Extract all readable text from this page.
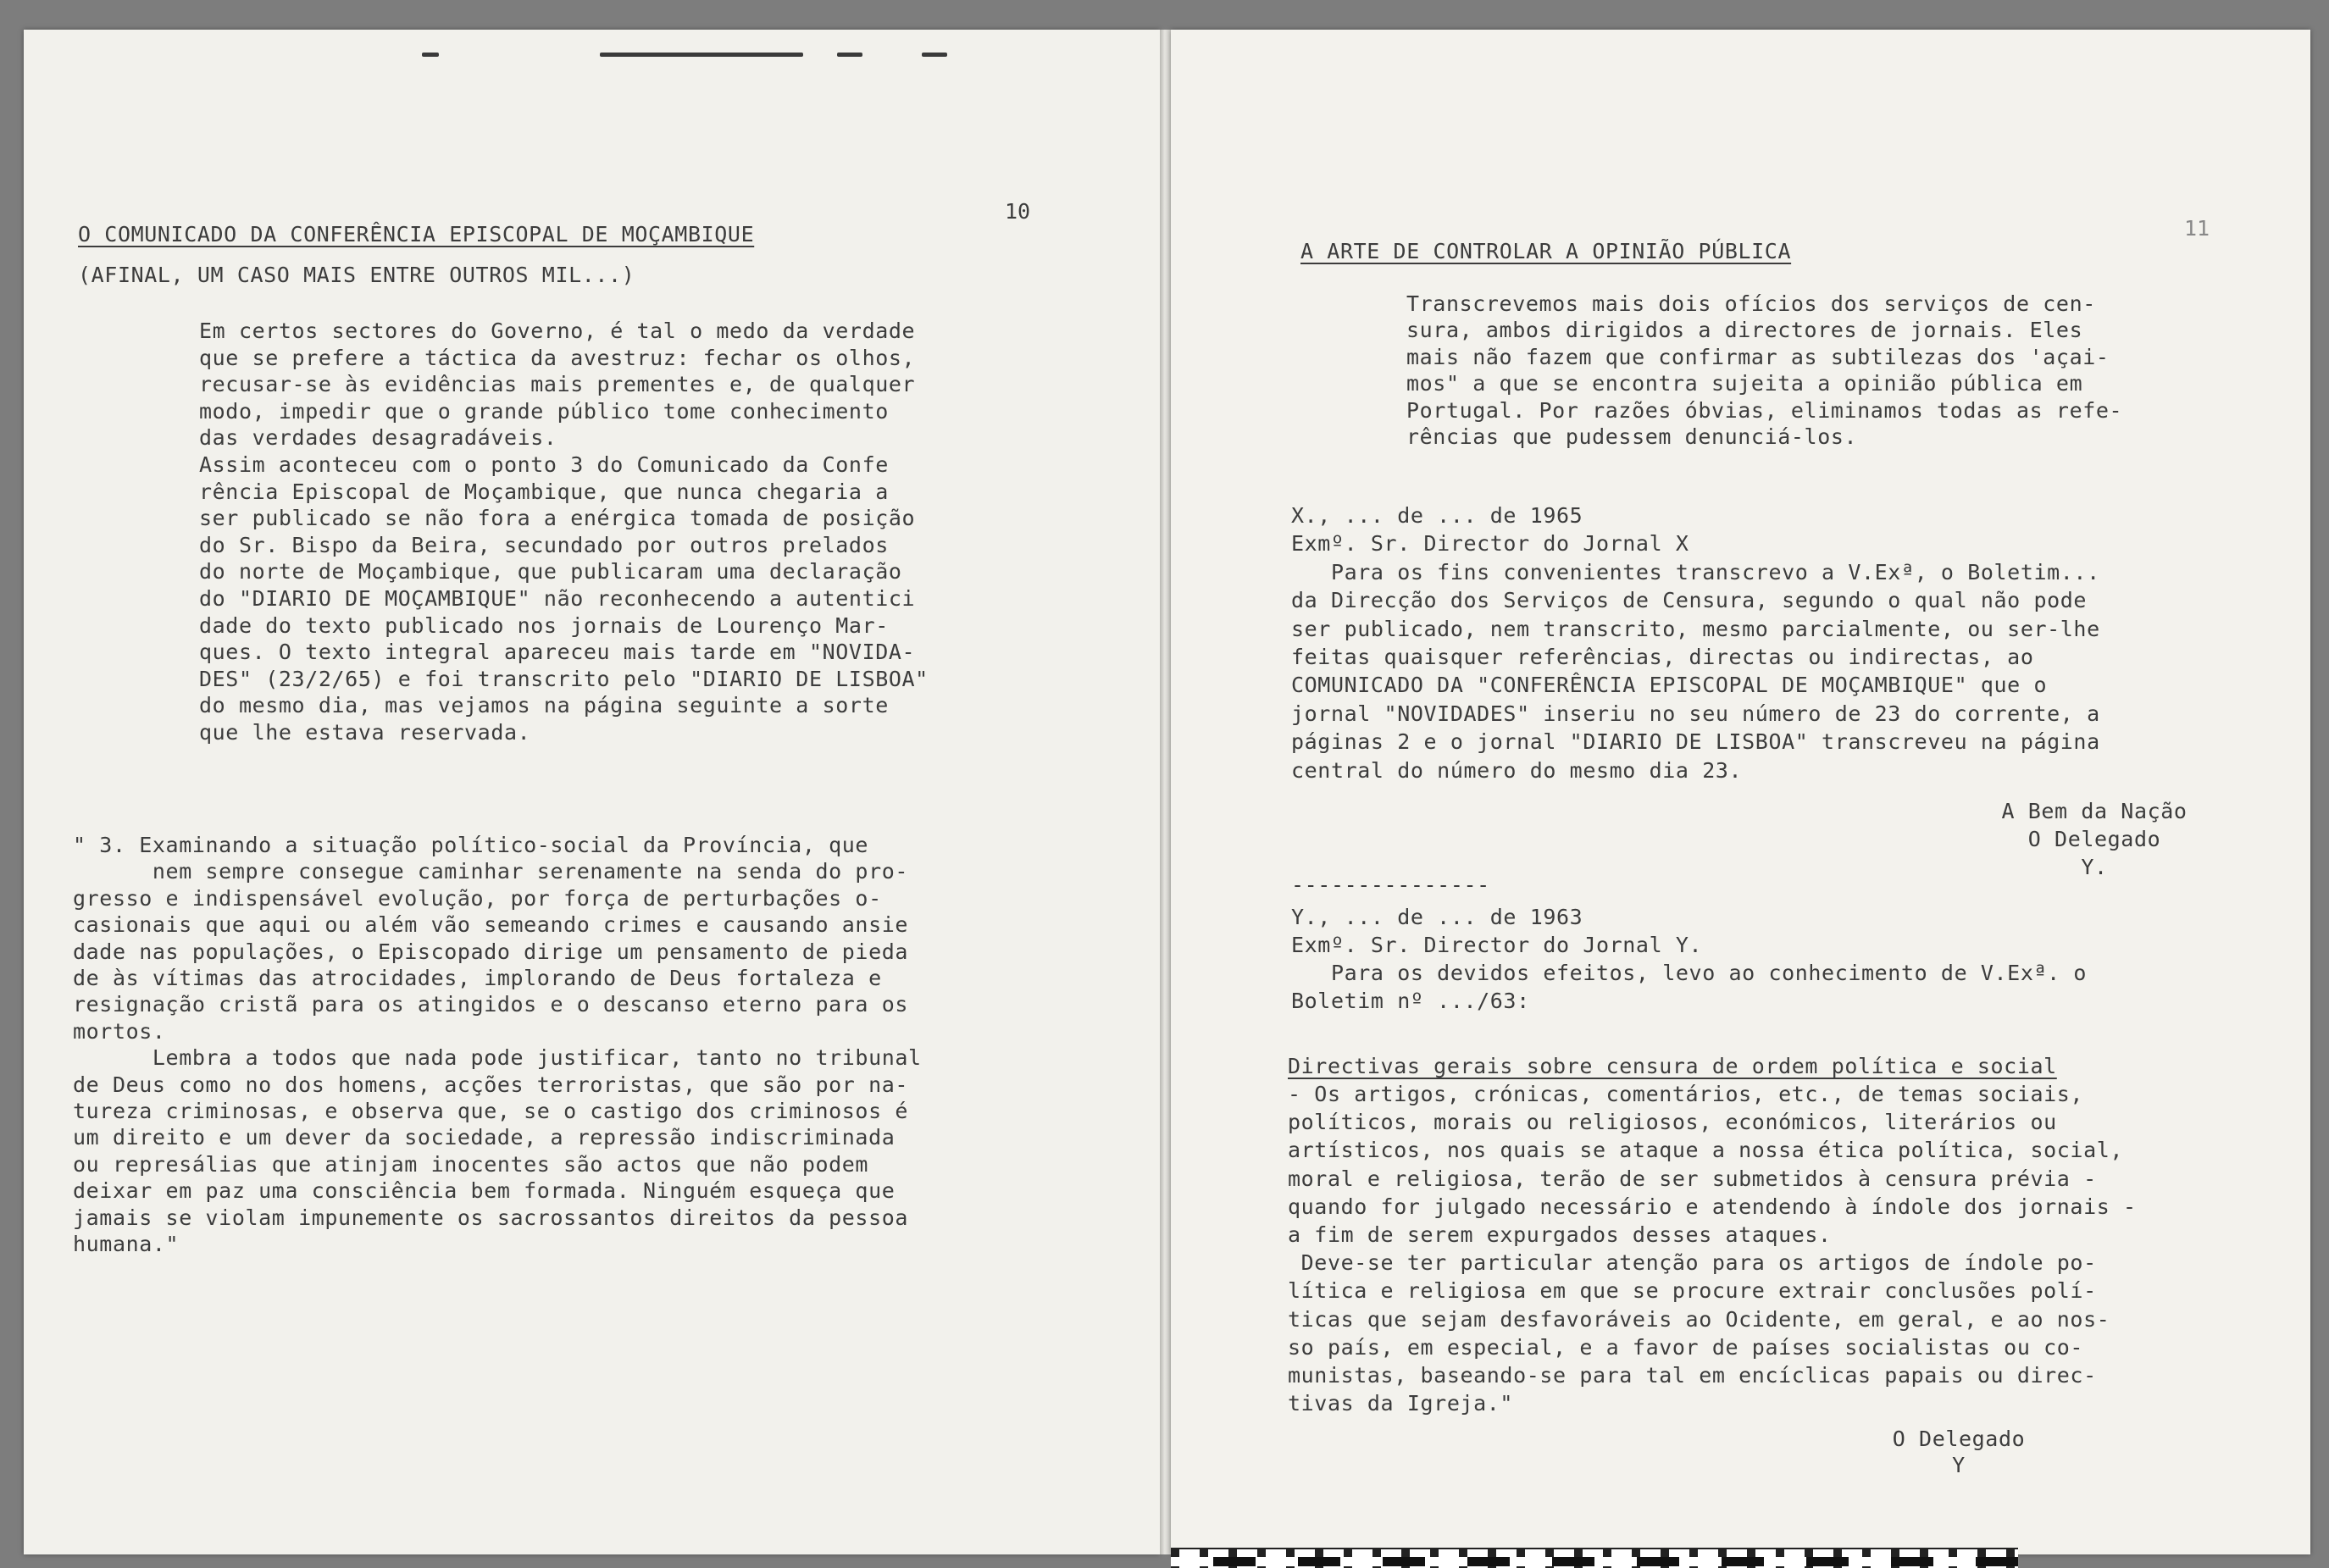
10
O COMUNICADO DA CONFERÊNCIA EPISCOPAL DE MOÇAMBIQUE
(AFINAL, UM CASO MAIS ENTRE OUTROS MIL...)
Em certos sectores do Governo, é tal o medo da verdade
que se prefere a táctica da avestruz: fechar os olhos,
recusar-se às evidências mais prementes e, de qualquer
modo, impedir que o grande público tome conhecimento
das verdades desagradáveis.
Assim aconteceu com o ponto 3 do Comunicado da Confe
rência Episcopal de Moçambique, que nunca chegaria a
ser publicado se não fora a enérgica tomada de posição
do Sr. Bispo da Beira, secundado por outros prelados
do norte de Moçambique, que publicaram uma declaração
do "DIARIO DE MOÇAMBIQUE" não reconhecendo a autentici
dade do texto publicado nos jornais de Lourenço Mar-
ques. O texto integral apareceu mais tarde em "NOVIDA-
DES" (23/2/65) e foi transcrito pelo "DIARIO DE LISBOA"
do mesmo dia, mas vejamos na página seguinte a sorte
que lhe estava reservada.
" 3. Examinando a situação político-social da Província, que
nem sempre consegue caminhar serenamente na senda do pro-
gresso e indispensável evolução, por força de perturbações o-
casionais que aqui ou além vão semeando crimes e causando ansie
dade nas populações, o Episcopado dirige um pensamento de pieda
de às vítimas das atrocidades, implorando de Deus fortaleza e
resignação cristã para os atingidos e o descanso eterno para os
mortos.
Lembra a todos que nada pode justificar, tanto no tribunal
de Deus como no dos homens, acções terroristas, que são por na-
tureza criminosas, e observa que, se o castigo dos criminosos é
um direito e um dever da sociedade, a repressão indiscriminada
ou represálias que atinjam inocentes são actos que não podem
deixar em paz uma consciência bem formada. Ninguém esqueça que
jamais se violam impunemente os sacrossantos direitos da pessoa
humana."
11
A ARTE DE CONTROLAR A OPINIÃO PÚBLICA
Transcrevemos mais dois ofícios dos serviços de cen-
sura, ambos dirigidos a directores de jornais. Eles
mais não fazem que confirmar as subtilezas dos 'açai-
mos" a que se encontra sujeita a opinião pública em
Portugal. Por razões óbvias, eliminamos todas as refe-
rências que pudessem denunciá-los.
X., ... de ... de 1965
Exmº. Sr. Director do Jornal X
Para os fins convenientes transcrevo a V.Exª, o Boletim...
da Direcção dos Serviços de Censura, segundo o qual não pode
ser publicado, nem transcrito, mesmo parcialmente, ou ser-lhe
feitas quaisquer referências, directas ou indirectas, ao
COMUNICADO DA "CONFERÊNCIA EPISCOPAL DE MOÇAMBIQUE" que o
jornal "NOVIDADES" inseriu no seu número de 23 do corrente, a
páginas 2 e o jornal "DIARIO DE LISBOA" transcreveu na página
central do número do mesmo dia 23.
A Bem da Nação
O Delegado
Y.
---------------
Y., ... de ... de 1963
Exmº. Sr. Director do Jornal Y.
Para os devidos efeitos, levo ao conhecimento de V.Exª. o
Boletim nº .../63:
Directivas gerais sobre censura de ordem política e social
- Os artigos, crónicas, comentários, etc., de temas sociais,
políticos, morais ou religiosos, económicos, literários ou
artísticos, nos quais se ataque a nossa ética política, social,
moral e religiosa, terão de ser submetidos à censura prévia -
quando for julgado necessário e atendendo à índole dos jornais -
a fim de serem expurgados desses ataques.
Deve-se ter particular atenção para os artigos de índole po-
lítica e religiosa em que se procure extrair conclusões polí-
ticas que sejam desfavoráveis ao Ocidente, em geral, e ao nos-
so país, em especial, e a favor de países socialistas ou co-
munistas, baseando-se para tal em encíclicas papais ou direc-
tivas da Igreja."
O Delegado
Y
